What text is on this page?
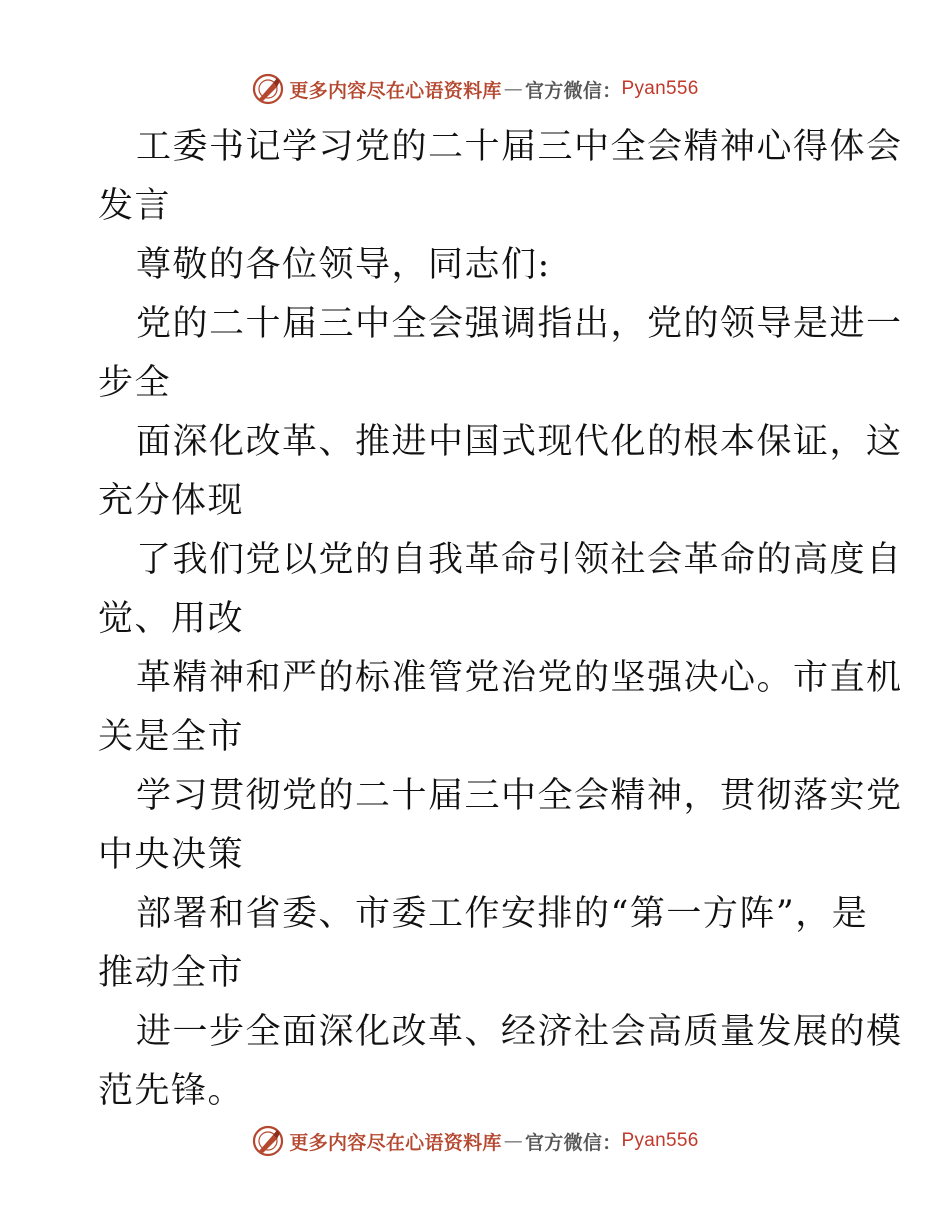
更多内容尽在心语资料库 — 官方微信： Pyan556
工委书记学习党的二十届三中全会精神心得体会
发言
尊敬的各位领导，同志们:
党的二十届三中全会强调指出，党的领导是进一
步全
面深化改革、推进中国式现代化的根本保证，这
充分体现
了我们党以党的自我革命引领社会革命的高度自
觉、用改
革精神和严的标准管党治党的坚强决心。市直机
关是全市
学习贯彻党的二十届三中全会精神，贯彻落实党
中央决策
部署和省委、市委工作安排的“第一方阵”，是
推动全市
进一步全面深化改革、经济社会高质量发展的模
范先锋。
更多内容尽在心语资料库 — 官方微信： Pyan556
